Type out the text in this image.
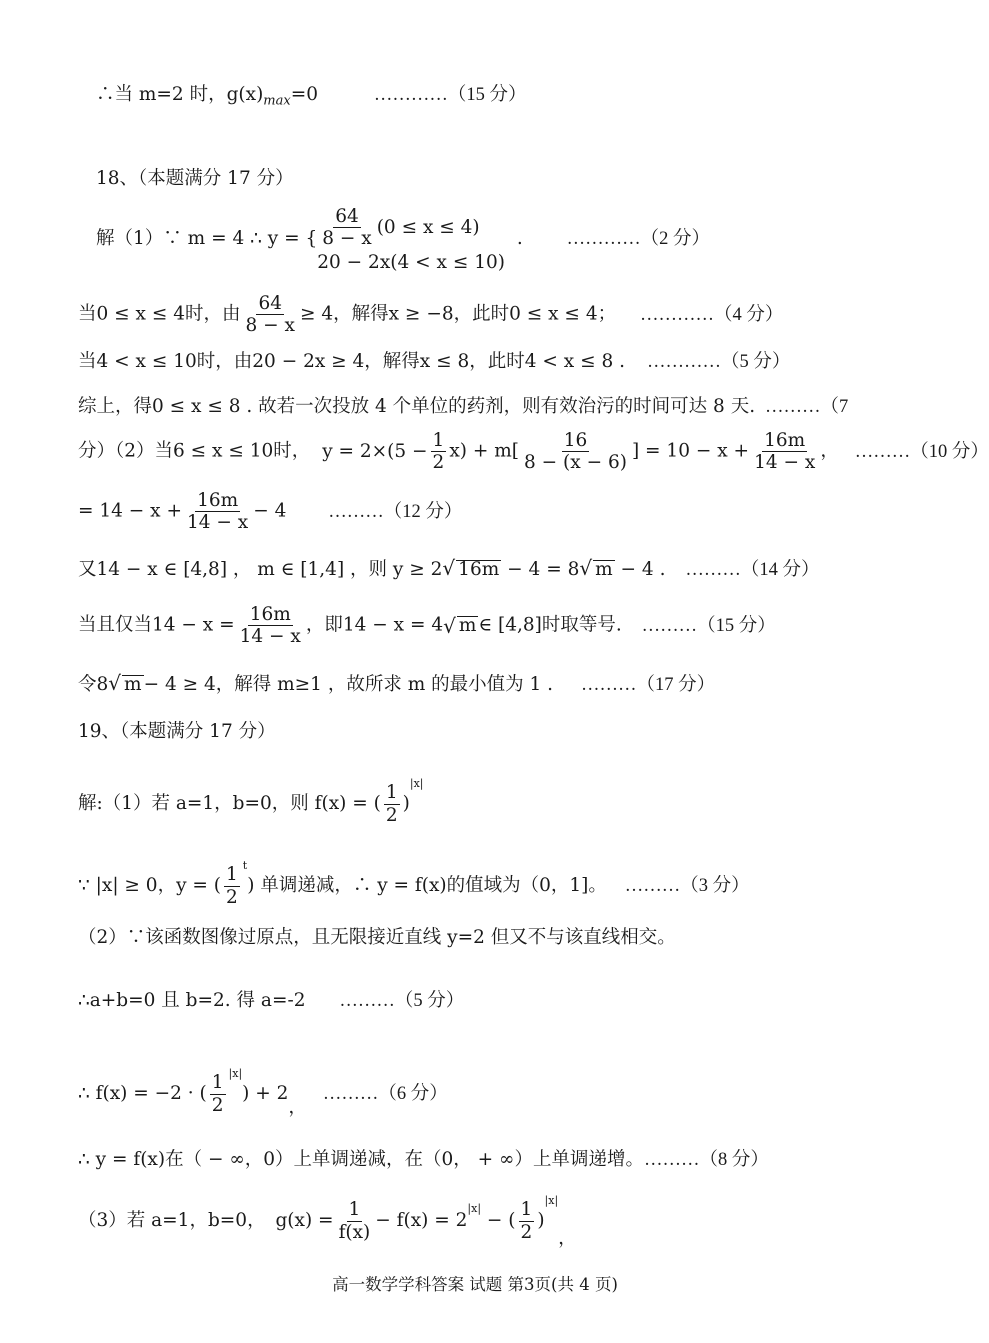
∴当 m=2 时，$g(x)_{max}=0$	…………（15 分）
18、（本题满分 17 分）
解（1）∵ m = 4 ∴ y = { $\frac{64}{8 - x} (0 \le x \le 4)$
20 − 2x(4 < x ≤ 10)
. …………（2 分）
当0 ≤ x ≤ 4时，由 $\frac{64}{8 - x} \ge 4$，解得x ≥ −8，此时0 ≤ x ≤ 4； …………（4 分）
当4 < x ≤ 10时，由20 − 2x ≥ 4，解得x ≤ 8，此时4 < x ≤ 8 . …………（5 分）
综上，得0 ≤ x ≤ 8 . 故若一次投放 4 个单位的药剂，则有效治污的时间可达 8 天. ………（7
分）（2）当6 ≤ x ≤ 10时， $y = 2\times(5 - \frac{1}{2} x) + m[ \frac{16}{8 - (x - 6)}$ ] = $10 - x + \frac{16m}{14 - x}$ ， ………（10 分）
= $14 - x + \frac{16m}{14 - x} - 4$ ………（12 分）
又14 − x ∈ [4,8] ， m ∈ [1,4] ，则 y ≥ 2√ 16m − 4 = 8√ m − 4 . ………（14 分）
当且仅当$14 - x = \frac{16m}{14 - x}$ ，即14 − x = 4√ m ∈ [4,8]时取等号. ………（15 分）
令8√ m − 4 ≥ 4，解得 m≥1 ，故所求 m 的最小值为 1 . ………（17 分）
19、（本题满分 17 分）
解:（1）若 a=1，b=0，则 f(x) = ( $\frac{1}{2} )^{|x|}$
∵ |x| ≥ 0，y = ( $\frac{1}{2} ^t$) 单调递减，∴ y = f(x)的值域为（0，1]。 ………（3 分）
（2）∵该函数图像过原点，且无限接近直线 y=2 但又不与该直线相交。
∴a+b=0 且 b=2. 得 a=-2 ………（5 分）
∴ f(x) = −2 · ( $\frac{1}{2} ^{|x|}) + 2$， ………（6 分）
∴ y = f(x)在（ − ∞，0）上单调递减，在（0， + ∞）上单调递增。………（8 分）
（3）若 a=1，b=0， $g(x) = \frac{1}{f(x)} - f(x) = 2^{|x|}$ − ( $\frac{1}{2} )^{|x|}$，
高一数学学科答案 试题 第3页(共 4 页)
